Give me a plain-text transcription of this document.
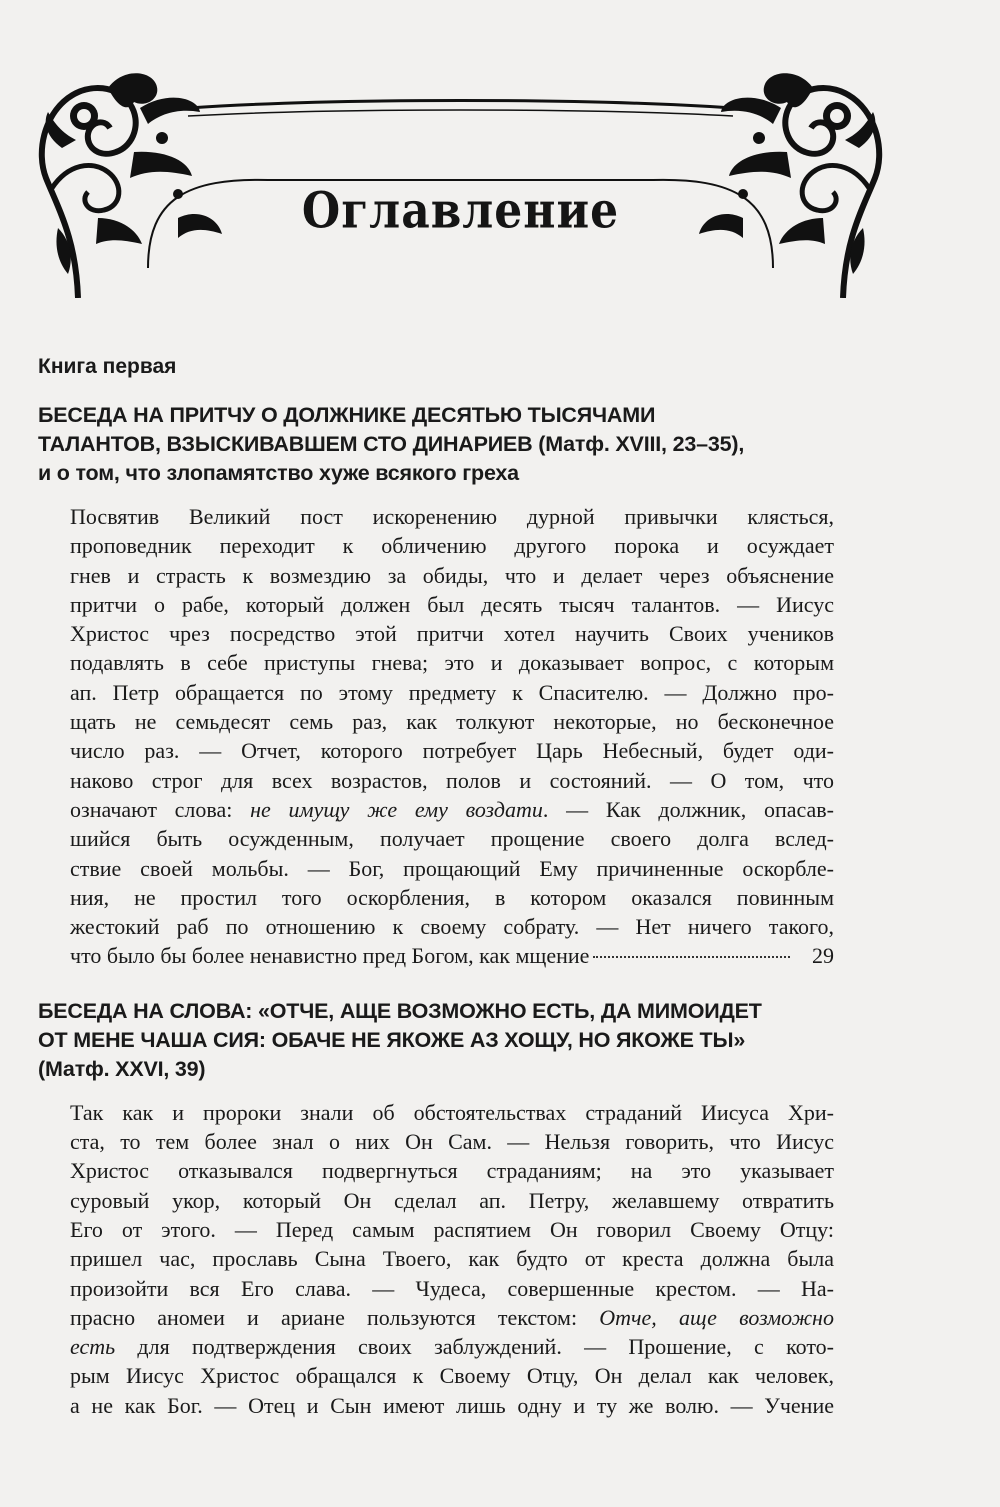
Оглавление
Книга первая
БЕСЕДА НА ПРИТЧУ О ДОЛЖНИКЕ ДЕСЯТЬЮ ТЫСЯЧАМИ
ТАЛАНТОВ, ВЗЫСКИВАВШЕМ СТО ДИНАРИЕВ (Матф. XVIII, 23–35),
и о том, что злопамятство хуже всякого греха
Посвятив Великий пост искоренению дурной привычки клясться,
проповедник переходит к обличению другого порока и осуждает
гнев и страсть к возмездию за обиды, что и делает через объяснение
притчи о рабе, который должен был десять тысяч талантов. — Иисус
Христос чрез посредство этой притчи хотел научить Своих учеников
подавлять в себе приступы гнева; это и доказывает вопрос, с которым
ап. Петр обращается по этому предмету к Спасителю. — Должно про-
щать не семьдесят семь раз, как толкуют некоторые, но бесконечное
число раз. — Отчет, которого потребует Царь Небесный, будет оди-
наково строг для всех возрастов, полов и состояний. — О том, что
означают слова: не имущу же ему воздати. — Как должник, опасав-
шийся быть осужденным, получает прощение своего долга вслед-
ствие своей мольбы. — Бог, прощающий Ему причиненные оскорбле-
ния, не простил того оскорбления, в котором оказался повинным
жестокий раб по отношению к своему собрату. — Нет ничего такого,
что было бы более ненавистно пред Богом, как мщение	29
БЕСЕДА НА СЛОВА: «ОТЧЕ, АЩЕ ВОЗМОЖНО ЕСТЬ, ДА МИМОИДЕТ
ОТ МЕНЕ ЧАША СИЯ: ОБАЧЕ НЕ ЯКОЖЕ АЗ ХОЩУ, НО ЯКОЖЕ ТЫ»
(Матф. XXVI, 39)
Так как и пророки знали об обстоятельствах страданий Иисуса Хри-
ста, то тем более знал о них Он Сам. — Нельзя говорить, что Иисус
Христос отказывался подвергнуться страданиям; на это указывает
суровый укор, который Он сделал ап. Петру, желавшему отвратить
Его от этого. — Перед самым распятием Он говорил Своему Отцу:
пришел час, прославь Сына Твоего, как будто от креста должна была
произойти вся Его слава. — Чудеса, совершенные крестом. — На-
прасно аномеи и ариане пользуются текстом: Отче, аще возможно
есть для подтверждения своих заблуждений. — Прошение, с кото-
рым Иисус Христос обращался к Своему Отцу, Он делал как человек,
а не как Бог. — Отец и Сын имеют лишь одну и ту же волю. — Учение
